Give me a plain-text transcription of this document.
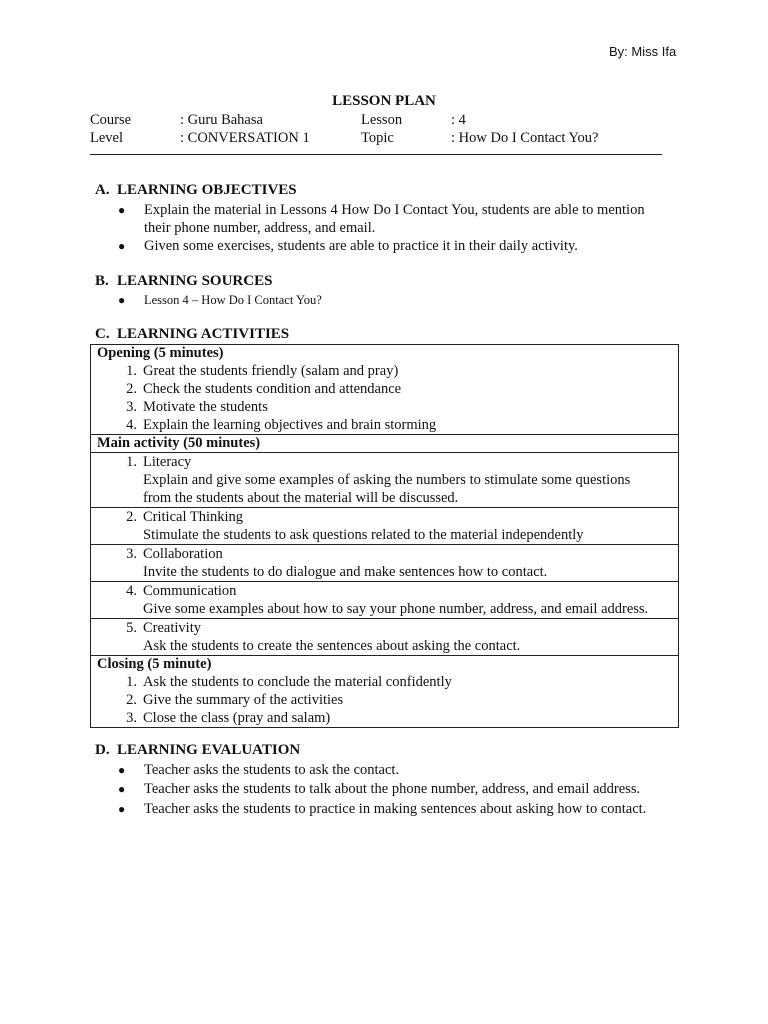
By: Miss Ifa
LESSON PLAN
Course	: Guru Bahasa	Lesson	: 4
Level	: CONVERSATION 1	Topic	: How Do I Contact You?
A. LEARNING OBJECTIVES
● Explain the material in Lessons 4 How Do I Contact You, students are able to mention
their phone number, address, and email.
● Given some exercises, students are able to practice it in their daily activity.
B. LEARNING SOURCES
● Lesson 4 – How Do I Contact You?
C. LEARNING ACTIVITIES
Opening (5 minutes)
1. Great the students friendly (salam and pray)
2. Check the students condition and attendance
3. Motivate the students
4. Explain the learning objectives and brain storming

Main activity (50 minutes)

1. Literacy
Explain and give some examples of asking the numbers to stimulate some questions
from the students about the material will be discussed.

2. Critical Thinking
Stimulate the students to ask questions related to the material independently

3. Collaboration
Invite the students to do dialogue and make sentences how to contact.

4. Communication
Give some examples about how to say your phone number, address, and email address.

5. Creativity
Ask the students to create the sentences about asking the contact.

Closing (5 minute)
1. Ask the students to conclude the material confidently
2. Give the summary of the activities
3. Close the class (pray and salam)
D. LEARNING EVALUATION
● Teacher asks the students to ask the contact.
● Teacher asks the students to talk about the phone number, address, and email address.
● Teacher asks the students to practice in making sentences about asking how to contact.
